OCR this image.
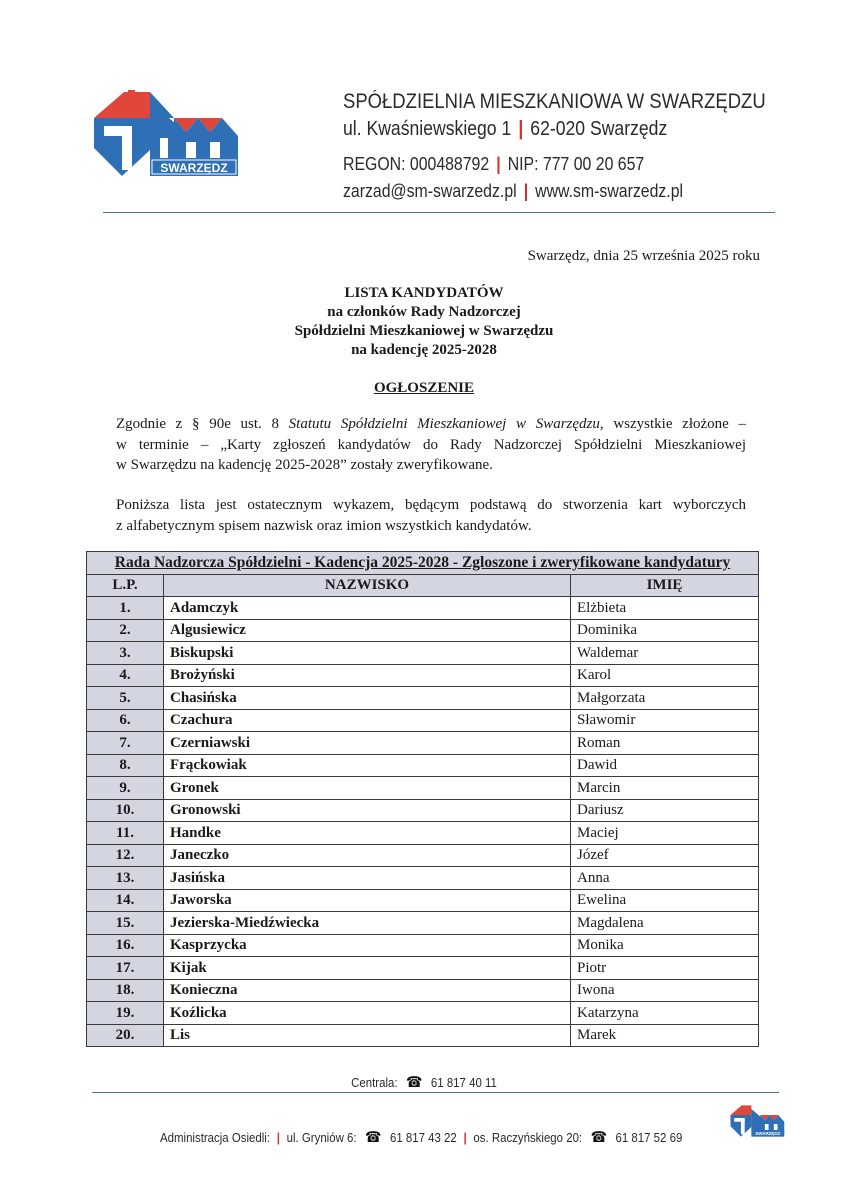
SWARZĘDZ
SPÓŁDZIELNIA MIESZKANIOWA W SWARZĘDZU
ul. Kwaśniewskiego 1 | 62-020 Swarzędz
REGON: 000488792 | NIP: 777 00 20 657
zarzad@sm-swarzedz.pl | www.sm-swarzedz.pl
Swarzędz, dnia 25 września 2025 roku
LISTA KANDYDATÓW
na członków Rady Nadzorczej
Spółdzielni Mieszkaniowej w Swarzędzu
na kadencję 2025-2028
OGŁOSZENIE
Zgodnie z § 90e ust. 8 Statutu Spółdzielni Mieszkaniowej w Swarzędzu, wszystkie złożone –
w terminie – „Karty zgłoszeń kandydatów do Rady Nadzorczej Spółdzielni Mieszkaniowej
w Swarzędzu na kadencję 2025-2028” zostały zweryfikowane.
Poniższa lista jest ostatecznym wykazem, będącym podstawą do stworzenia kart wyborczych
z alfabetycznym spisem nazwisk oraz imion wszystkich kandydatów.
Rada Nadzorcza Spółdzielni - Kadencja 2025-2028 - Zgloszone i zweryfikowane kandydatury		
L.P.	NAZWISKO	IMIĘ
1.	Adamczyk	Elżbieta
2.	Algusiewicz	Dominika
3.	Biskupski	Waldemar
4.	Brożyński	Karol
5.	Chasińska	Małgorzata
6.	Czachura	Sławomir
7.	Czerniawski	Roman
8.	Frąckowiak	Dawid
9.	Gronek	Marcin
10.	Gronowski	Dariusz
11.	Handke	Maciej
12.	Janeczko	Józef
13.	Jasińska	Anna
14.	Jaworska	Ewelina
15.	Jezierska-Miedźwiecka	Magdalena
16.	Kasprzycka	Monika
17.	Kijak	Piotr
18.	Konieczna	Iwona
19.	Koźlicka	Katarzyna
20.	Lis	Marek
Centrala: ☎ 61 817 40 11
Administracja Osiedli: | ul. Gryniów 6: ☎ 61 817 43 22 | os. Raczyńskiego 20: ☎ 61 817 52 69	SWARZĘDZ
